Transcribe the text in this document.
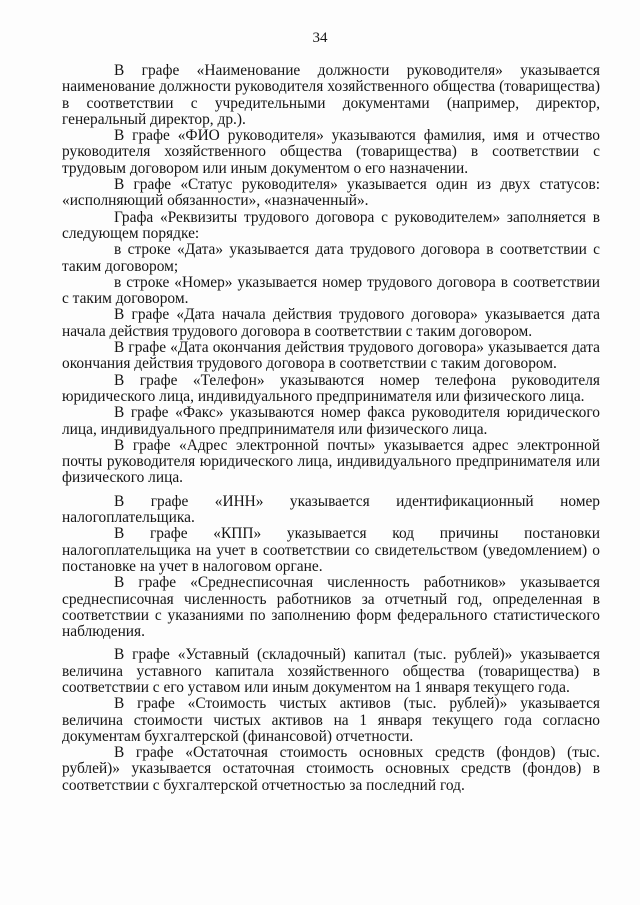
34

В графе «Наименование должности руководителя» указывается наименование должности руководителя хозяйственного общества (товарищества) в соответствии с учредительными документами (например, директор, генеральный директор, др.).

В графе «ФИО руководителя» указываются фамилия, имя и отчество руководителя хозяйственного общества (товарищества) в соответствии с трудовым договором или иным документом о его назначении.

В графе «Статус руководителя» указывается один из двух статусов: «исполняющий обязанности», «назначенный».

Графа «Реквизиты трудового договора с руководителем» заполняется в следующем порядке:

в строке «Дата» указывается дата трудового договора в соответствии с таким договором;

в строке «Номер» указывается номер трудового договора в соответствии с таким договором.

В графе «Дата начала действия трудового договора» указывается дата начала действия трудового договора в соответствии с таким договором.

В графе «Дата окончания действия трудового договора» указывается дата окончания действия трудового договора в соответствии с таким договором.

В графе «Телефон» указываются номер телефона руководителя юридического лица, индивидуального предпринимателя или физического лица.

В графе «Факс» указываются номер факса руководителя юридического лица, индивидуального предпринимателя или физического лица.

В графе «Адрес электронной почты» указывается адрес электронной почты руководителя юридического лица, индивидуального предпринимателя или физического лица.

В графе «ИНН» указывается идентификационный номер налогоплательщика.

В графе «КПП» указывается код причины постановки налогоплательщика на учет в соответствии со свидетельством (уведомлением) о постановке на учет в налоговом органе.

В графе «Среднесписочная численность работников» указывается среднесписочная численность работников за отчетный год, определенная в соответствии с указаниями по заполнению форм федерального статистического наблюдения.

В графе «Уставный (складочный) капитал (тыс. рублей)» указывается величина уставного капитала хозяйственного общества (товарищества) в соответствии с его уставом или иным документом на 1 января текущего года.

В графе «Стоимость чистых активов (тыс. рублей)» указывается величина стоимости чистых активов на 1 января текущего года согласно документам бухгалтерской (финансовой) отчетности.

В графе «Остаточная стоимость основных средств (фондов) (тыс. рублей)» указывается остаточная стоимость основных средств (фондов) в соответствии с бухгалтерской отчетностью за последний год.
